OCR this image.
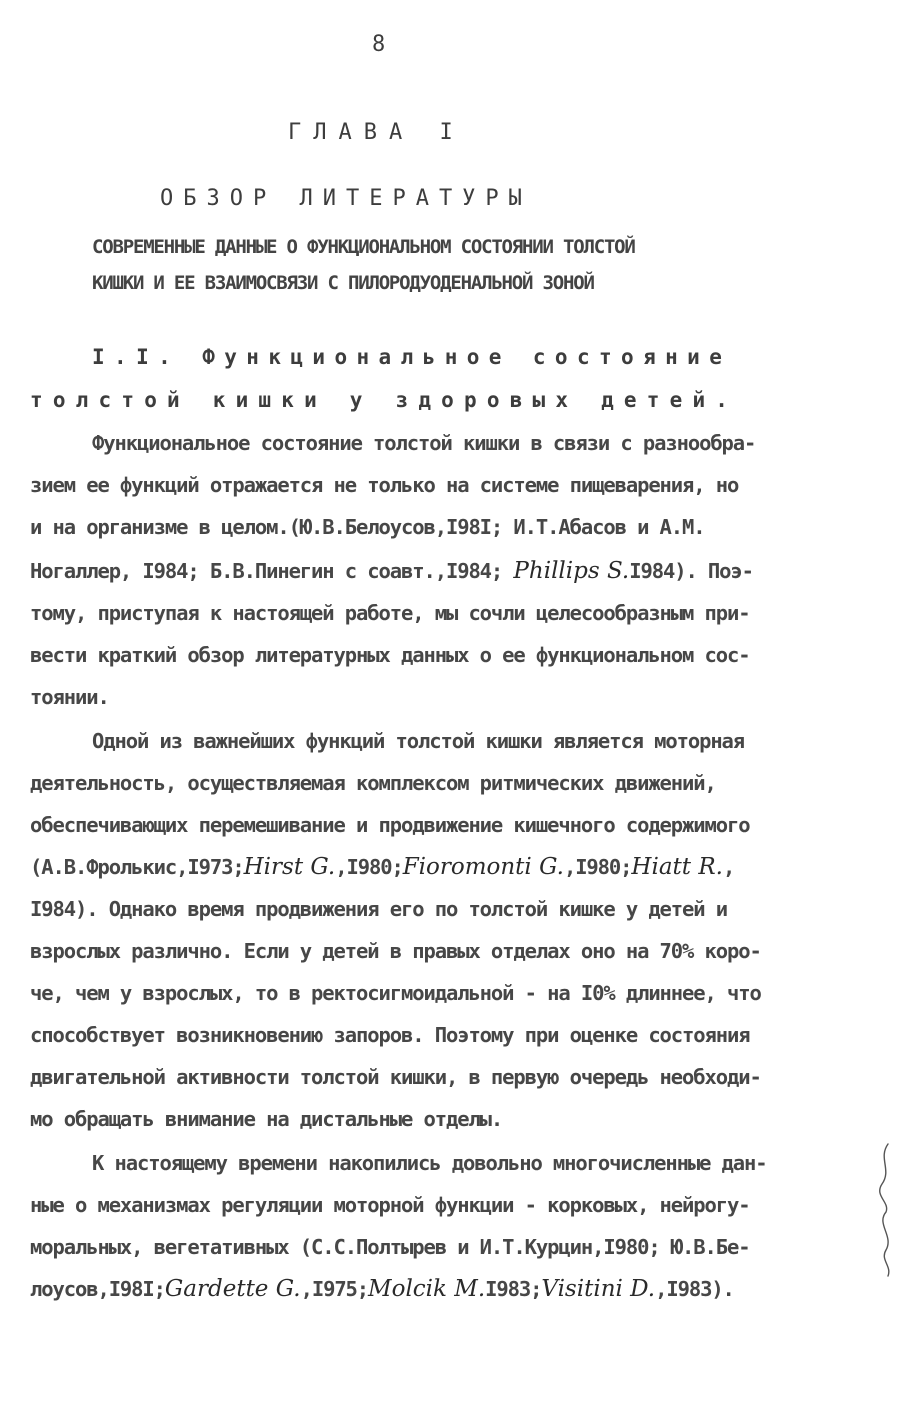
8
ГЛАВА I
ОБЗОР ЛИТЕРАТУРЫ
СОВРЕМЕННЫЕ ДАННЫЕ О ФУНКЦИОНАЛЬНОМ СОСТОЯНИИ ТОЛСТОЙ
КИШКИ И ЕЕ ВЗАИМОСВЯЗИ С ПИЛОРОДУОДЕНАЛЬНОЙ ЗОНОЙ
I.I. Функциональное состояние
толстой кишки у здоровых детей.
Функциональное состояние толстой кишки в связи с разнообра-
зием ее функций отражается не только на системе пищеварения, но
и на организме в целом.(Ю.В.Белоусов,I98I; И.Т.Абасов и А.М.
Ногаллер, I984; Б.В.Пинегин с соавт.,I984; Phillips S.I984). Поэ-
тому, приступая к настоящей работе, мы сочли целесообразным при-
вести краткий обзор литературных данных о ее функциональном сос-
тоянии.
Одной из важнейших функций толстой кишки является моторная
деятельность, осуществляемая комплексом ритмических движений,
обеспечивающих перемешивание и продвижение кишечного содержимого
(А.В.Фролькис,I973;Hirst G.,I980;Fioromonti G.,I980;Hiatt R.,
I984). Однако время продвижения его по толстой кишке у детей и
взрослых различно. Если у детей в правых отделах оно на 70% коро-
че, чем у взрослых, то в ректосигмоидальной - на I0% длиннее, что
способствует возникновению запоров. Поэтому при оценке состояния
двигательной активности толстой кишки, в первую очередь необходи-
мо обращать внимание на дистальные отделы.
К настоящему времени накопились довольно многочисленные дан-
ные о механизмах регуляции моторной функции - корковых, нейрогу-
моральных, вегетативных (С.С.Полтырев и И.Т.Курцин,I980; Ю.В.Бе-
лоусов,I98I;Gardette G.,I975;Molcik M.I983;Visitini D.,I983).
